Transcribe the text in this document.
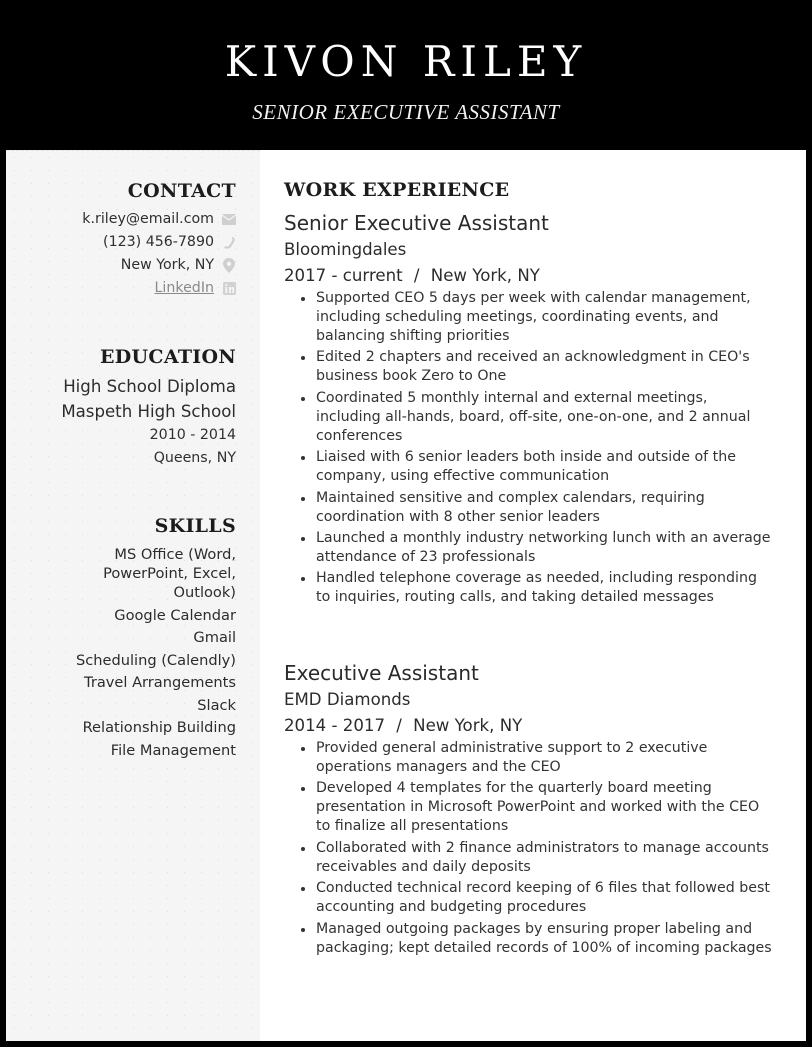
KIVON RILEY
SENIOR EXECUTIVE ASSISTANT
CONTACT
k.riley@email.com
(123) 456-7890
New York, NY
LinkedIn
EDUCATION
High School Diploma
Maspeth High School
2010 - 2014
Queens, NY
SKILLS
MS Office (Word, PowerPoint, Excel, Outlook)
Google Calendar
Gmail
Scheduling (Calendly)
Travel Arrangements
Slack
Relationship Building
File Management
WORK EXPERIENCE
Senior Executive Assistant
Bloomingdales
2017 - current / New York, NY
Supported CEO 5 days per week with calendar management, including scheduling meetings, coordinating events, and balancing shifting priorities
Edited 2 chapters and received an acknowledgment in CEO's business book Zero to One
Coordinated 5 monthly internal and external meetings, including all-hands, board, off-site, one-on-one, and 2 annual conferences
Liaised with 6 senior leaders both inside and outside of the company, using effective communication
Maintained sensitive and complex calendars, requiring coordination with 8 other senior leaders
Launched a monthly industry networking lunch with an average attendance of 23 professionals
Handled telephone coverage as needed, including responding to inquiries, routing calls, and taking detailed messages
Executive Assistant
EMD Diamonds
2014 - 2017 / New York, NY
Provided general administrative support to 2 executive operations managers and the CEO
Developed 4 templates for the quarterly board meeting presentation in Microsoft PowerPoint and worked with the CEO to finalize all presentations
Collaborated with 2 finance administrators to manage accounts receivables and daily deposits
Conducted technical record keeping of 6 files that followed best accounting and budgeting procedures
Managed outgoing packages by ensuring proper labeling and packaging; kept detailed records of 100% of incoming packages
